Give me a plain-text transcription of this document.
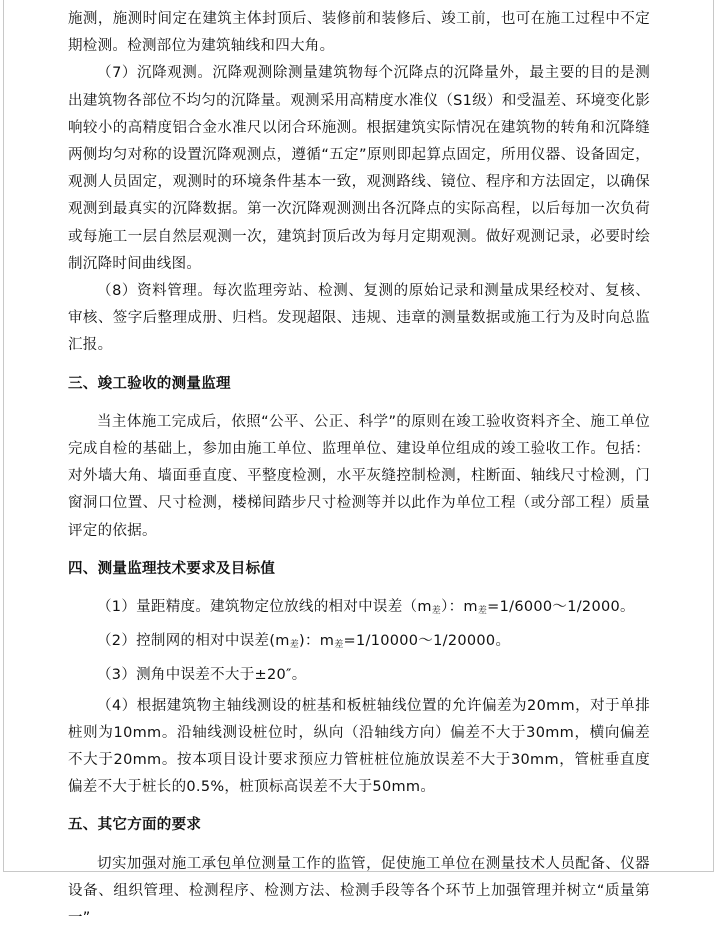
施测，施测时间定在建筑主体封顶后、装修前和装修后、竣工前，也可在施工过程中不定期检测。检测部位为建筑轴线和四大角。

（7）沉降观测。沉降观测除测量建筑物每个沉降点的沉降量外，最主要的目的是测出建筑物各部位不均匀的沉降量。观测采用高精度水准仪（S1级）和受温差、环境变化影响较小的高精度铝合金水准尺以闭合环施测。根据建筑实际情况在建筑物的转角和沉降缝两侧均匀对称的设置沉降观测点，遵循“五定”原则即起算点固定，所用仪器、设备固定，观测人员固定，观测时的环境条件基本一致，观测路线、镜位、程序和方法固定，以确保观测到最真实的沉降数据。第一次沉降观测测出各沉降点的实际高程，以后每加一次负荷或每施工一层自然层观测一次，建筑封顶后改为每月定期观测。做好观测记录，必要时绘制沉降时间曲线图。

（8）资料管理。每次监理旁站、检测、复测的原始记录和测量成果经校对、复核、审核、签字后整理成册、归档。发现超限、违规、违章的测量数据或施工行为及时向总监汇报。

三、竣工验收的测量监理

当主体施工完成后，依照“公平、公正、科学”的原则在竣工验收资料齐全、施工单位完成自检的基础上，参加由施工单位、监理单位、建设单位组成的竣工验收工作。包括：对外墙大角、墙面垂直度、平整度检测，水平灰缝控制检测，柱断面、轴线尺寸检测，门窗洞口位置、尺寸检测，楼梯间踏步尺寸检测等并以此作为单位工程（或分部工程）质量评定的依据。

四、测量监理技术要求及目标值

（1）量距精度。建筑物定位放线的相对中误差$(m_差)$：$m_差=1/6000\sim 1/2000$。

（2）控制网的相对中误差$(m_差)$：$m_差=1/10000\sim 1/20000$。

（3）测角中误差不大于±20″。

（4）根据建筑物主轴线测设的桩基和板桩轴线位置的允许偏差为20mm，对于单排桩则为10mm。沿轴线测设桩位时，纵向（沿轴线方向）偏差不大于30mm，横向偏差不大于20mm。按本项目设计要求预应力管桩桩位施放误差不大于30mm，管桩垂直度偏差不大于桩长的0.5%，桩顶标高误差不大于50mm。

五、其它方面的要求

切实加强对施工承包单位测量工作的监管，促使施工单位在测量技术人员配备、仪器设备、组织管理、检测程序、检测方法、检测手段等各个环节上加强管理并树立“质量第一”
